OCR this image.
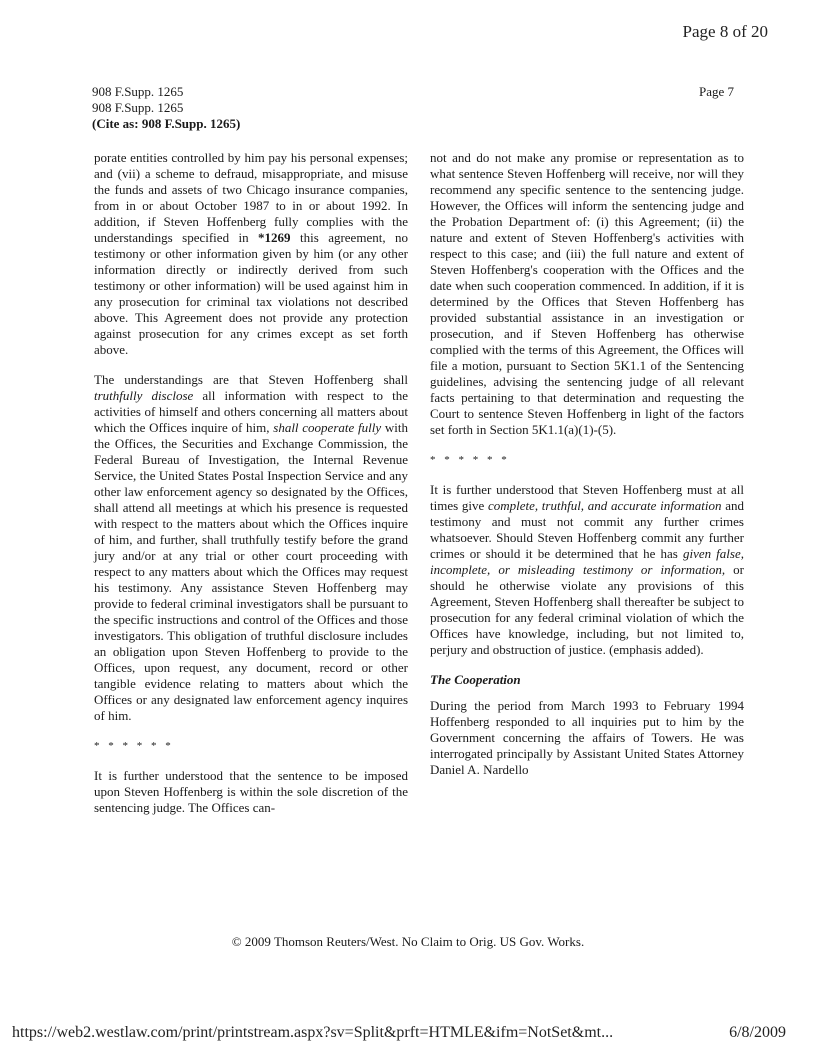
Page 8 of 20
908 F.Supp. 1265
908 F.Supp. 1265
(Cite as: 908 F.Supp. 1265)
Page 7

porate entities controlled by him pay his personal expenses; and (vii) a scheme to defraud, misappropriate, and misuse the funds and assets of two Chicago insurance companies, from in or about October 1987 to in or about 1992. In addition, if Steven Hoffenberg fully complies with the understandings specified in *1269 this agreement, no testimony or other information given by him (or any other information directly or indirectly derived from such testimony or other information) will be used against him in any prosecution for criminal tax violations not described above. This Agreement does not provide any protection against prosecution for any crimes except as set forth above.

The understandings are that Steven Hoffenberg shall truthfully disclose all information with respect to the activities of himself and others concerning all matters about which the Offices inquire of him, shall cooperate fully with the Offices, the Securities and Exchange Commission, the Federal Bureau of Investigation, the Internal Revenue Service, the United States Postal Inspection Service and any other law enforcement agency so designated by the Offices, shall attend all meetings at which his presence is requested with respect to the matters about which the Offices inquire of him, and further, shall truthfully testify before the grand jury and/or at any trial or other court proceeding with respect to any matters about which the Offices may request his testimony. Any assistance Steven Hoffenberg may provide to federal criminal investigators shall be pursuant to the specific instructions and control of the Offices and those investigators. This obligation of truthful disclosure includes an obligation upon Steven Hoffenberg to provide to the Offices, upon request, any document, record or other tangible evidence relating to matters about which the Offices or any designated law enforcement agency inquires of him.

* * * * * *

It is further understood that the sentence to be imposed upon Steven Hoffenberg is within the sole discretion of the sentencing judge. The Offices can-

not and do not make any promise or representation as to what sentence Steven Hoffenberg will receive, nor will they recommend any specific sentence to the sentencing judge. However, the Offices will inform the sentencing judge and the Probation Department of: (i) this Agreement; (ii) the nature and extent of Steven Hoffenberg's activities with respect to this case; and (iii) the full nature and extent of Steven Hoffenberg's cooperation with the Offices and the date when such cooperation commenced. In addition, if it is determined by the Offices that Steven Hoffenberg has provided substantial assistance in an investigation or prosecution, and if Steven Hoffenberg has otherwise complied with the terms of this Agreement, the Offices will file a motion, pursuant to Section 5K1.1 of the Sentencing guidelines, advising the sentencing judge of all relevant facts pertaining to that determination and requesting the Court to sentence Steven Hoffenberg in light of the factors set forth in Section 5K1.1(a)(1)-(5).

* * * * * *

It is further understood that Steven Hoffenberg must at all times give complete, truthful, and accurate information and testimony and must not commit any further crimes whatsoever. Should Steven Hoffenberg commit any further crimes or should it be determined that he has given false, incomplete, or misleading testimony or information, or should he otherwise violate any provisions of this Agreement, Steven Hoffenberg shall thereafter be subject to prosecution for any federal criminal violation of which the Offices have knowledge, including, but not limited to, perjury and obstruction of justice. (emphasis added).

The Cooperation

During the period from March 1993 to February 1994 Hoffenberg responded to all inquiries put to him by the Government concerning the affairs of Towers. He was interrogated principally by Assistant United States Attorney Daniel A. Nardello

© 2009 Thomson Reuters/West. No Claim to Orig. US Gov. Works.
https://web2.westlaw.com/print/printstream.aspx?sv=Split&prft=HTMLE&ifm=NotSet&mt...	6/8/2009
